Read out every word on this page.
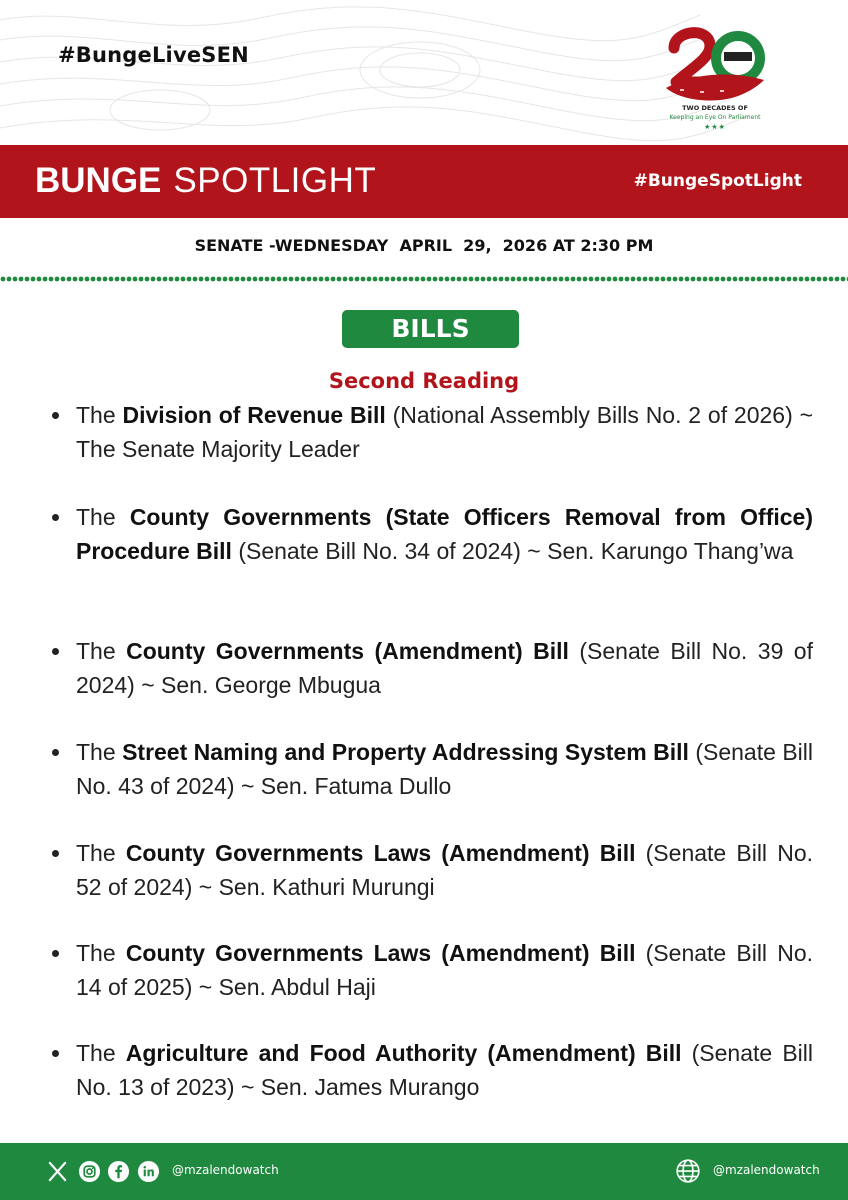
#BungeLiveSEN
TWO DECADES OF
Keeping an Eye On Parliament
★★★
BUNGE SPOTLIGHT	#BungeSpotLight
SENATE -WEDNESDAY  APRIL  29,  2026 AT 2:30 PM
BILLS
Second Reading
The Division of Revenue Bill (National Assembly Bills No. 2 of 2026) ~ The Senate Majority Leader
The County Governments (State Officers Removal from Office) Procedure Bill (Senate Bill No. 34 of 2024) ~ Sen. Karungo Thang’wa
The County Governments (Amendment) Bill (Senate Bill No. 39 of 2024) ~ Sen. George Mbugua
The Street Naming and Property Addressing System Bill (Senate Bill No. 43 of 2024) ~ Sen. Fatuma Dullo
The County Governments Laws (Amendment) Bill (Senate Bill No. 52 of 2024) ~ Sen. Kathuri Murungi
The County Governments Laws (Amendment) Bill (Senate Bill No. 14 of 2025) ~ Sen. Abdul Haji
The Agriculture and Food Authority (Amendment) Bill (Senate Bill No. 13 of 2023) ~ Sen. James Murango
@mzalendowatch	@mzalendowatch
